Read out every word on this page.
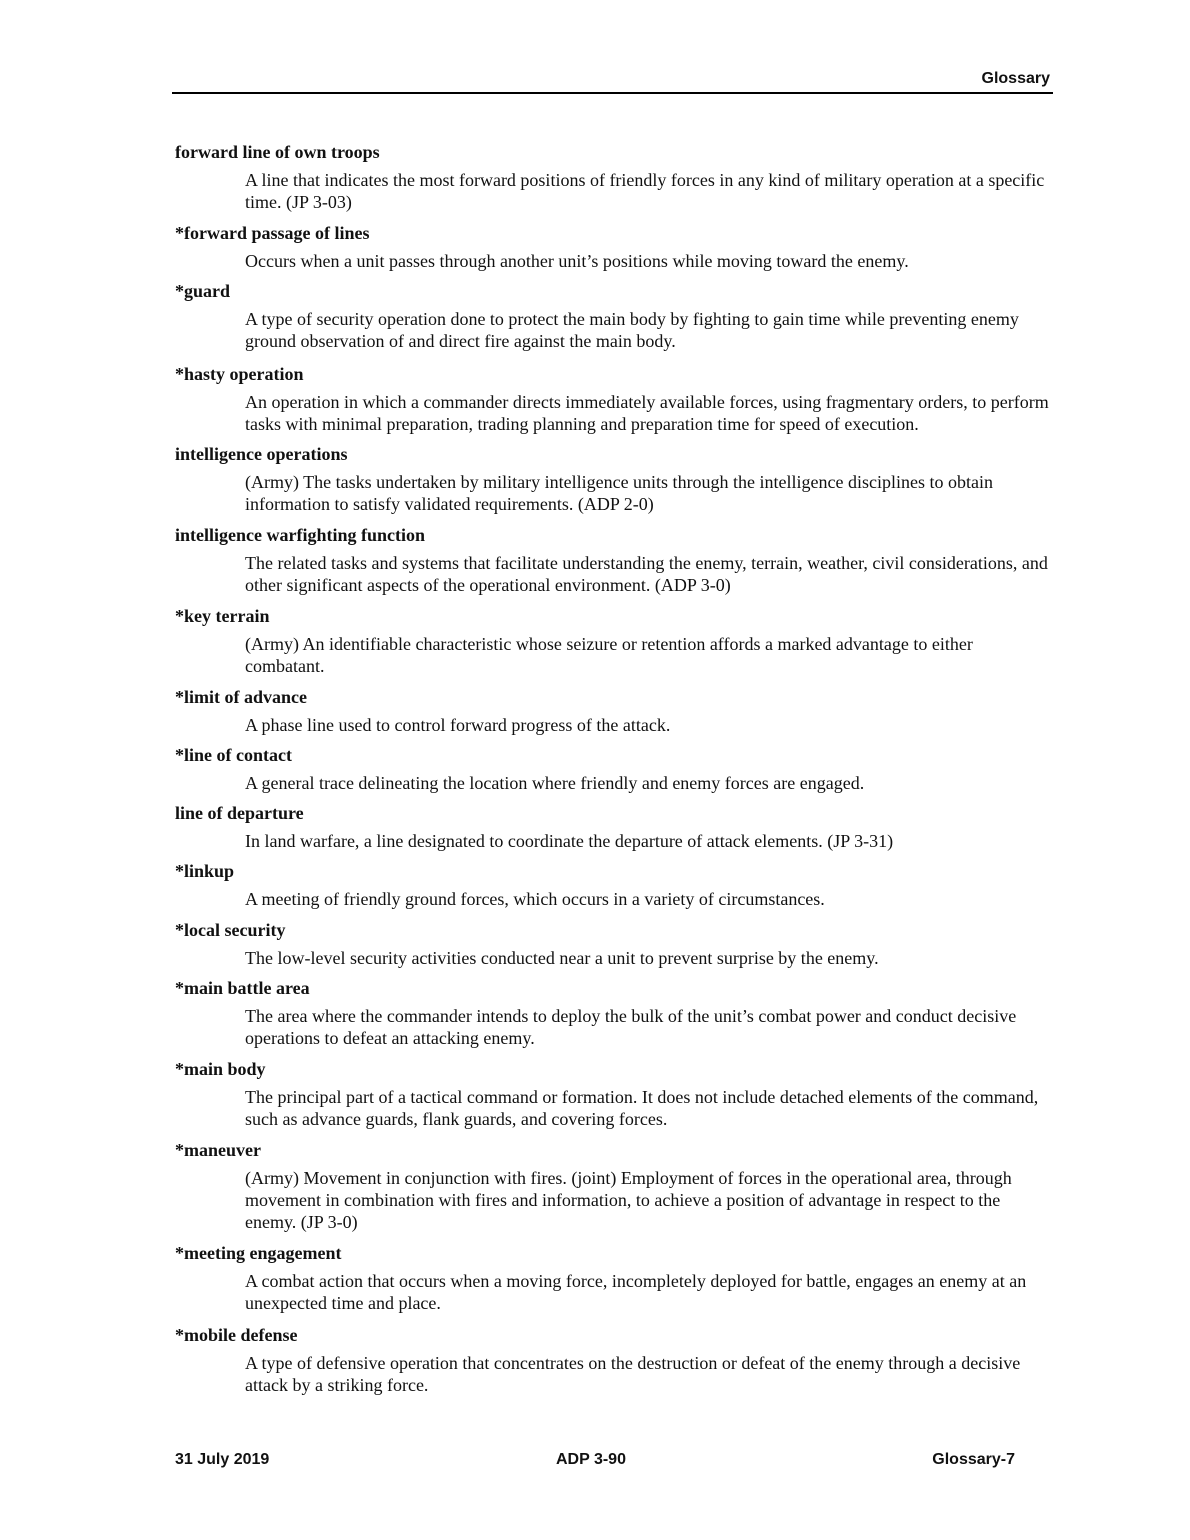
Glossary
forward line of own troops
A line that indicates the most forward positions of friendly forces in any kind of military operation at a specific time. (JP 3-03)
*forward passage of lines
Occurs when a unit passes through another unit’s positions while moving toward the enemy.
*guard
A type of security operation done to protect the main body by fighting to gain time while preventing enemy ground observation of and direct fire against the main body.
*hasty operation
An operation in which a commander directs immediately available forces, using fragmentary orders, to perform tasks with minimal preparation, trading planning and preparation time for speed of execution.
intelligence operations
(Army) The tasks undertaken by military intelligence units through the intelligence disciplines to obtain information to satisfy validated requirements. (ADP 2-0)
intelligence warfighting function
The related tasks and systems that facilitate understanding the enemy, terrain, weather, civil considerations, and other significant aspects of the operational environment. (ADP 3-0)
*key terrain
(Army) An identifiable characteristic whose seizure or retention affords a marked advantage to either combatant.
*limit of advance
A phase line used to control forward progress of the attack.
*line of contact
A general trace delineating the location where friendly and enemy forces are engaged.
line of departure
In land warfare, a line designated to coordinate the departure of attack elements. (JP 3-31)
*linkup
A meeting of friendly ground forces, which occurs in a variety of circumstances.
*local security
The low-level security activities conducted near a unit to prevent surprise by the enemy.
*main battle area
The area where the commander intends to deploy the bulk of the unit’s combat power and conduct decisive operations to defeat an attacking enemy.
*main body
The principal part of a tactical command or formation. It does not include detached elements of the command, such as advance guards, flank guards, and covering forces.
*maneuver
(Army) Movement in conjunction with fires. (joint) Employment of forces in the operational area, through movement in combination with fires and information, to achieve a position of advantage in respect to the enemy. (JP 3-0)
*meeting engagement
A combat action that occurs when a moving force, incompletely deployed for battle, engages an enemy at an unexpected time and place.
*mobile defense
A type of defensive operation that concentrates on the destruction or defeat of the enemy through a decisive attack by a striking force.
31 July 2019	ADP 3-90	Glossary-7
